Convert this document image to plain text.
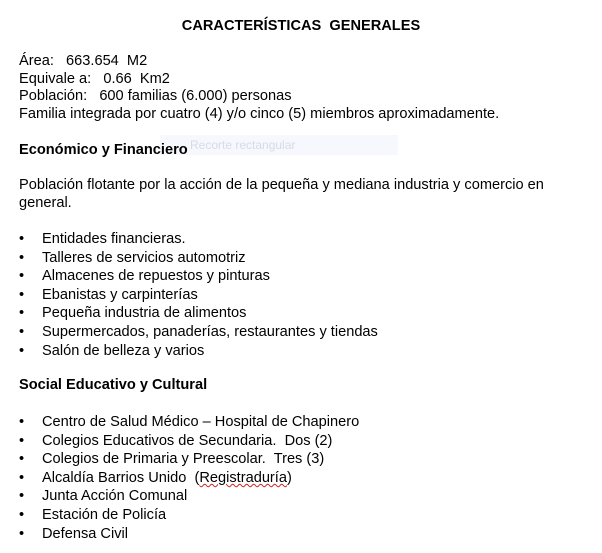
Recorte rectangular
CARACTERÍSTICAS  GENERALES
Área:   663.654  M2
Equivale a:   0.66  Km2
Población:   600 familias (6.000) personas
Familia integrada por cuatro (4) y/o cinco (5) miembros aproximadamente.
Económico y Financiero
Población flotante por la acción de la pequeña y mediana industria y comercio en
general.
• Entidades financieras.
• Talleres de servicios automotriz
• Almacenes de repuestos y pinturas
• Ebanistas y carpinterías
• Pequeña industria de alimentos
• Supermercados, panaderías, restaurantes y tiendas
• Salón de belleza y varios
Social Educativo y Cultural
• Centro de Salud Médico – Hospital de Chapinero
• Colegios Educativos de Secundaria.  Dos (2)
• Colegios de Primaria y Preescolar.  Tres (3)
• Alcaldía Barrios Unido  (Registraduría)
• Junta Acción Comunal
• Estación de Policía
• Defensa Civil
